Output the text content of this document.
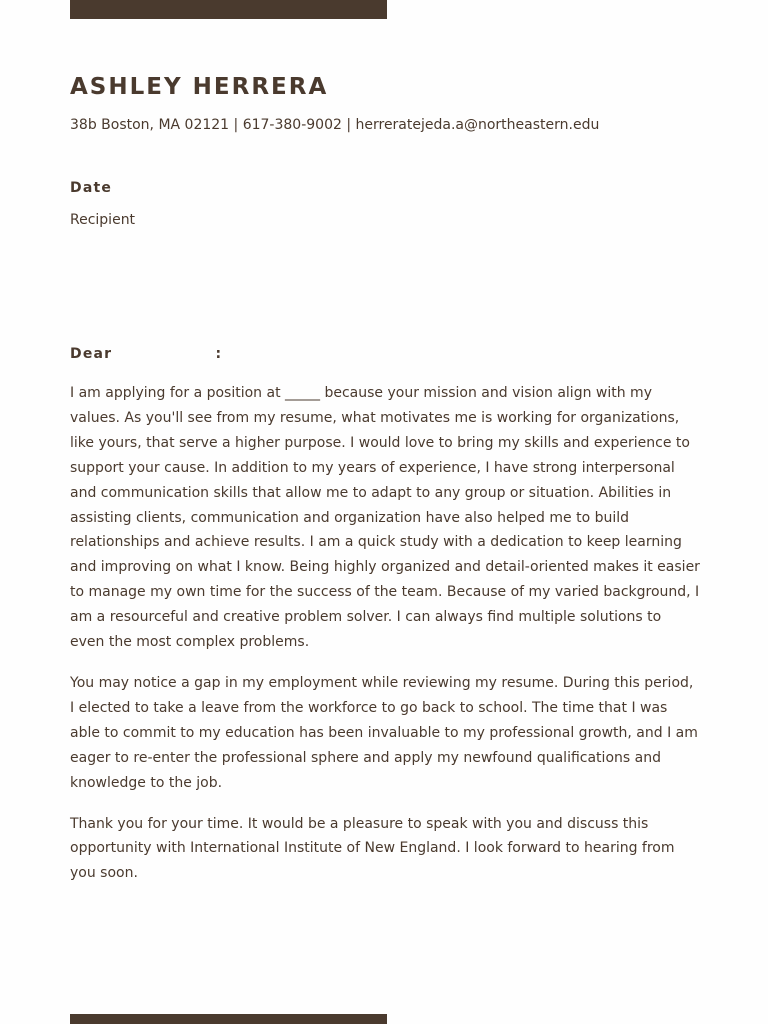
ASHLEY HERRERA
38b Boston, MA 02121 | 617-380-9002 | herreratejeda.a@northeastern.edu
Date
Recipient
Dear                 :

I am applying for a position at _____ because your mission and vision align with my values. As you'll see from my resume, what motivates me is working for organizations, like yours, that serve a higher purpose. I would love to bring my skills and experience to support your cause. In addition to my years of experience, I have strong interpersonal and communication skills that allow me to adapt to any group or situation. Abilities in assisting clients, communication and organization have also helped me to build relationships and achieve results. I am a quick study with a dedication to keep learning and improving on what I know. Being highly organized and detail-oriented makes it easier to manage my own time for the success of the team. Because of my varied background, I am a resourceful and creative problem solver. I can always find multiple solutions to even the most complex problems.

You may notice a gap in my employment while reviewing my resume. During this period, I elected to take a leave from the workforce to go back to school. The time that I was able to commit to my education has been invaluable to my professional growth, and I am eager to re-enter the professional sphere and apply my newfound qualifications and knowledge to the job.

Thank you for your time. It would be a pleasure to speak with you and discuss this opportunity with International Institute of New England. I look forward to hearing from you soon.
